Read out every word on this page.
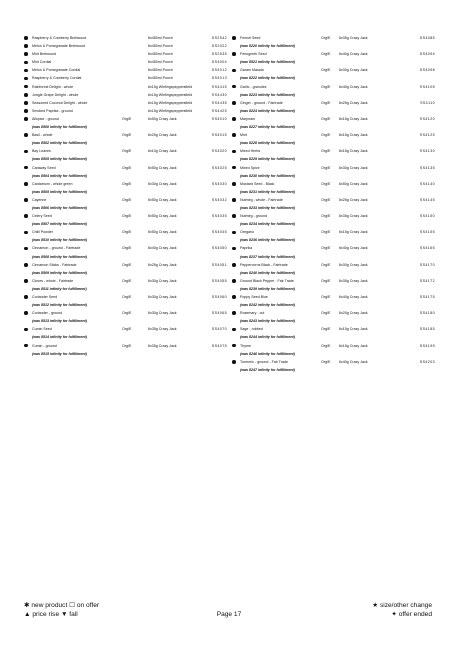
Raspberry & Cranberry Brebwood	6x450ml Punch	SS2542
Melon & Pomegranate Brebwood	6x450ml Punch	SS2022
Mint Brebwood	6x450ml Punch	SS2535
Mint Cordial	6x450ml Punch	SS4004
Melon & Pomegranate Cordial	6x450ml Punch	SS4012
Raspberry & Cranberry Cordial	6x450ml Punch	SS4013
Rainforest Delight - whole	6x15g Whitingspeppersfield	SS4415
Jungle Grape Delight - whole	6x15g Whitingspeppersfield	SS4430
Seasoned Coconut Delight - whole	6x15g Whitingspeppersfield	SS4435
Smoked Paprika - ground	6x15g Whitingspeppersfield	SS4425
Allspice - ground	Org/E	6x50g Crazy Jack	SS4010
(was 8500 infinity for fulfillment)
Basil - whole	Org/E	6x25g Crazy Jack	SS4015
(was 8502 infinity for fulfillment)
Bay Leaves	Org/E	6x10g Crazy Jack	SS4020
(was 8505 infinity for fulfillment)
Caraway Seed	Org/E	6x50g Crazy Jack	SS4025
(was 8504 infinity for fulfillment)
Cardamom - whole green	Org/E	6x30g Crazy Jack	SS4030
(was 8505 infinity for fulfillment)
Cayenne	Org/E	6x50g Crazy Jack	SS4032
(was 8506 infinity for fulfillment)
Celery Seed	Org/E	6x50g Crazy Jack	SS4035
(was 8507 infinity for fulfillment)
Chilli Powder	Org/E	6x50g Crazy Jack	SS4045
(was 8510 infinity for fulfillment)
Cinnamon - ground - Fairtrade	Org/E	6x40g Crazy Jack	SS4050
(was 8508 infinity for fulfillment)
Cinnamon Sticks - Fairtrade	Org/E	6x25g Crazy Jack	SS4051
(was 8509 infinity for fulfillment)
Cloves - whole - Fairtrade	Org/E	6x30g Crazy Jack	SS4055
(was 8511 infinity for fulfillment)
Coriander Seed	Org/E	6x30g Crazy Jack	SS4060
(was 8512 infinity for fulfillment)
Coriander - ground	Org/E	6x30g Crazy Jack	SS4065
(was 8513 infinity for fulfillment)
Cumin Seed	Org/E	6x35g Crazy Jack	SS4070
(was 8514 infinity for fulfillment)
Cumin - ground	Org/E	6x35g Crazy Jack	SS4075
(was 8515 infinity for fulfillment)
Fennel Seed	Org/E	6x35g Crazy Jack	SS4085
(was 8220 infinity for fulfillment)
Fenugreek Seed	Org/E	6x40g Crazy Jack	SS4094
(was 8521 infinity for fulfillment)
Garam Masala	Org/E	6x30g Crazy Jack	SS4098
(was 8222 infinity for fulfillment)
Garlic - granules	Org/E	6x40g Crazy Jack	SS4105
(was 8223 infinity for fulfillment)
Ginger - ground - Fairtrade	Org/E	6x25g Crazy Jack	SS4110
(was 8224 infinity for fulfillment)
Marjoram	Org/E	6x15g Crazy Jack	SS4120
(was 8227 infinity for fulfillment)
Mint	Org/E	6x15g Crazy Jack	SS4125
(was 8228 infinity for fulfillment)
Mixed Herbs	Org/E	6x15g Crazy Jack	SS4130
(was 8229 infinity for fulfillment)
Mixed Spice	Org/E	6x30g Crazy Jack	SS4135
(was 8230 infinity for fulfillment)
Mustard Seed - Black	Org/E	6x50g Crazy Jack	SS4140
(was 8231 infinity for fulfillment)
Nutmeg - whole - Fairtrade	Org/E	6x25g Crazy Jack	SS4145
(was 8233 infinity for fulfillment)
Nutmeg - ground	Org/E	6x35g Crazy Jack	SS4150
(was 8234 infinity for fulfillment)
Oregano	Org/E	6x15g Crazy Jack	SS4155
(was 8236 infinity for fulfillment)
Paprika	Org/E	6x40g Crazy Jack	SS4165
(was 8237 infinity for fulfillment)
Peppercorns Black - Fairtrade	Org/E	6x30g Crazy Jack	SS4170
(was 8240 infinity for fulfillment)
Ground Black Pepper - Fair Trade	Org/E	6x35g Crazy Jack	SS4172
(was 8239 infinity for fulfillment)
Poppy Seed Blue	Org/E	6x40g Crazy Jack	SS4175
(was 8242 infinity for fulfillment)
Rosemary - cut	Org/E	6x20g Crazy Jack	SS4180
(was 8243 infinity for fulfillment)
Sage - rubbed	Org/E	6x15g Crazy Jack	SS4185
(was 8244 infinity for fulfillment)
Thyme	Org/E	6x15g Crazy Jack	SS4195
(was 8246 infinity for fulfillment)
Turmeric - ground - Fair Trade	Org/E	6x40g Crazy Jack	SS4203
(was 8247 infinity for fulfillment)
✱ new product ☐ on offer
▲ price rise ▼ fall	Page 17
★ size/other change
✦ offer ended
